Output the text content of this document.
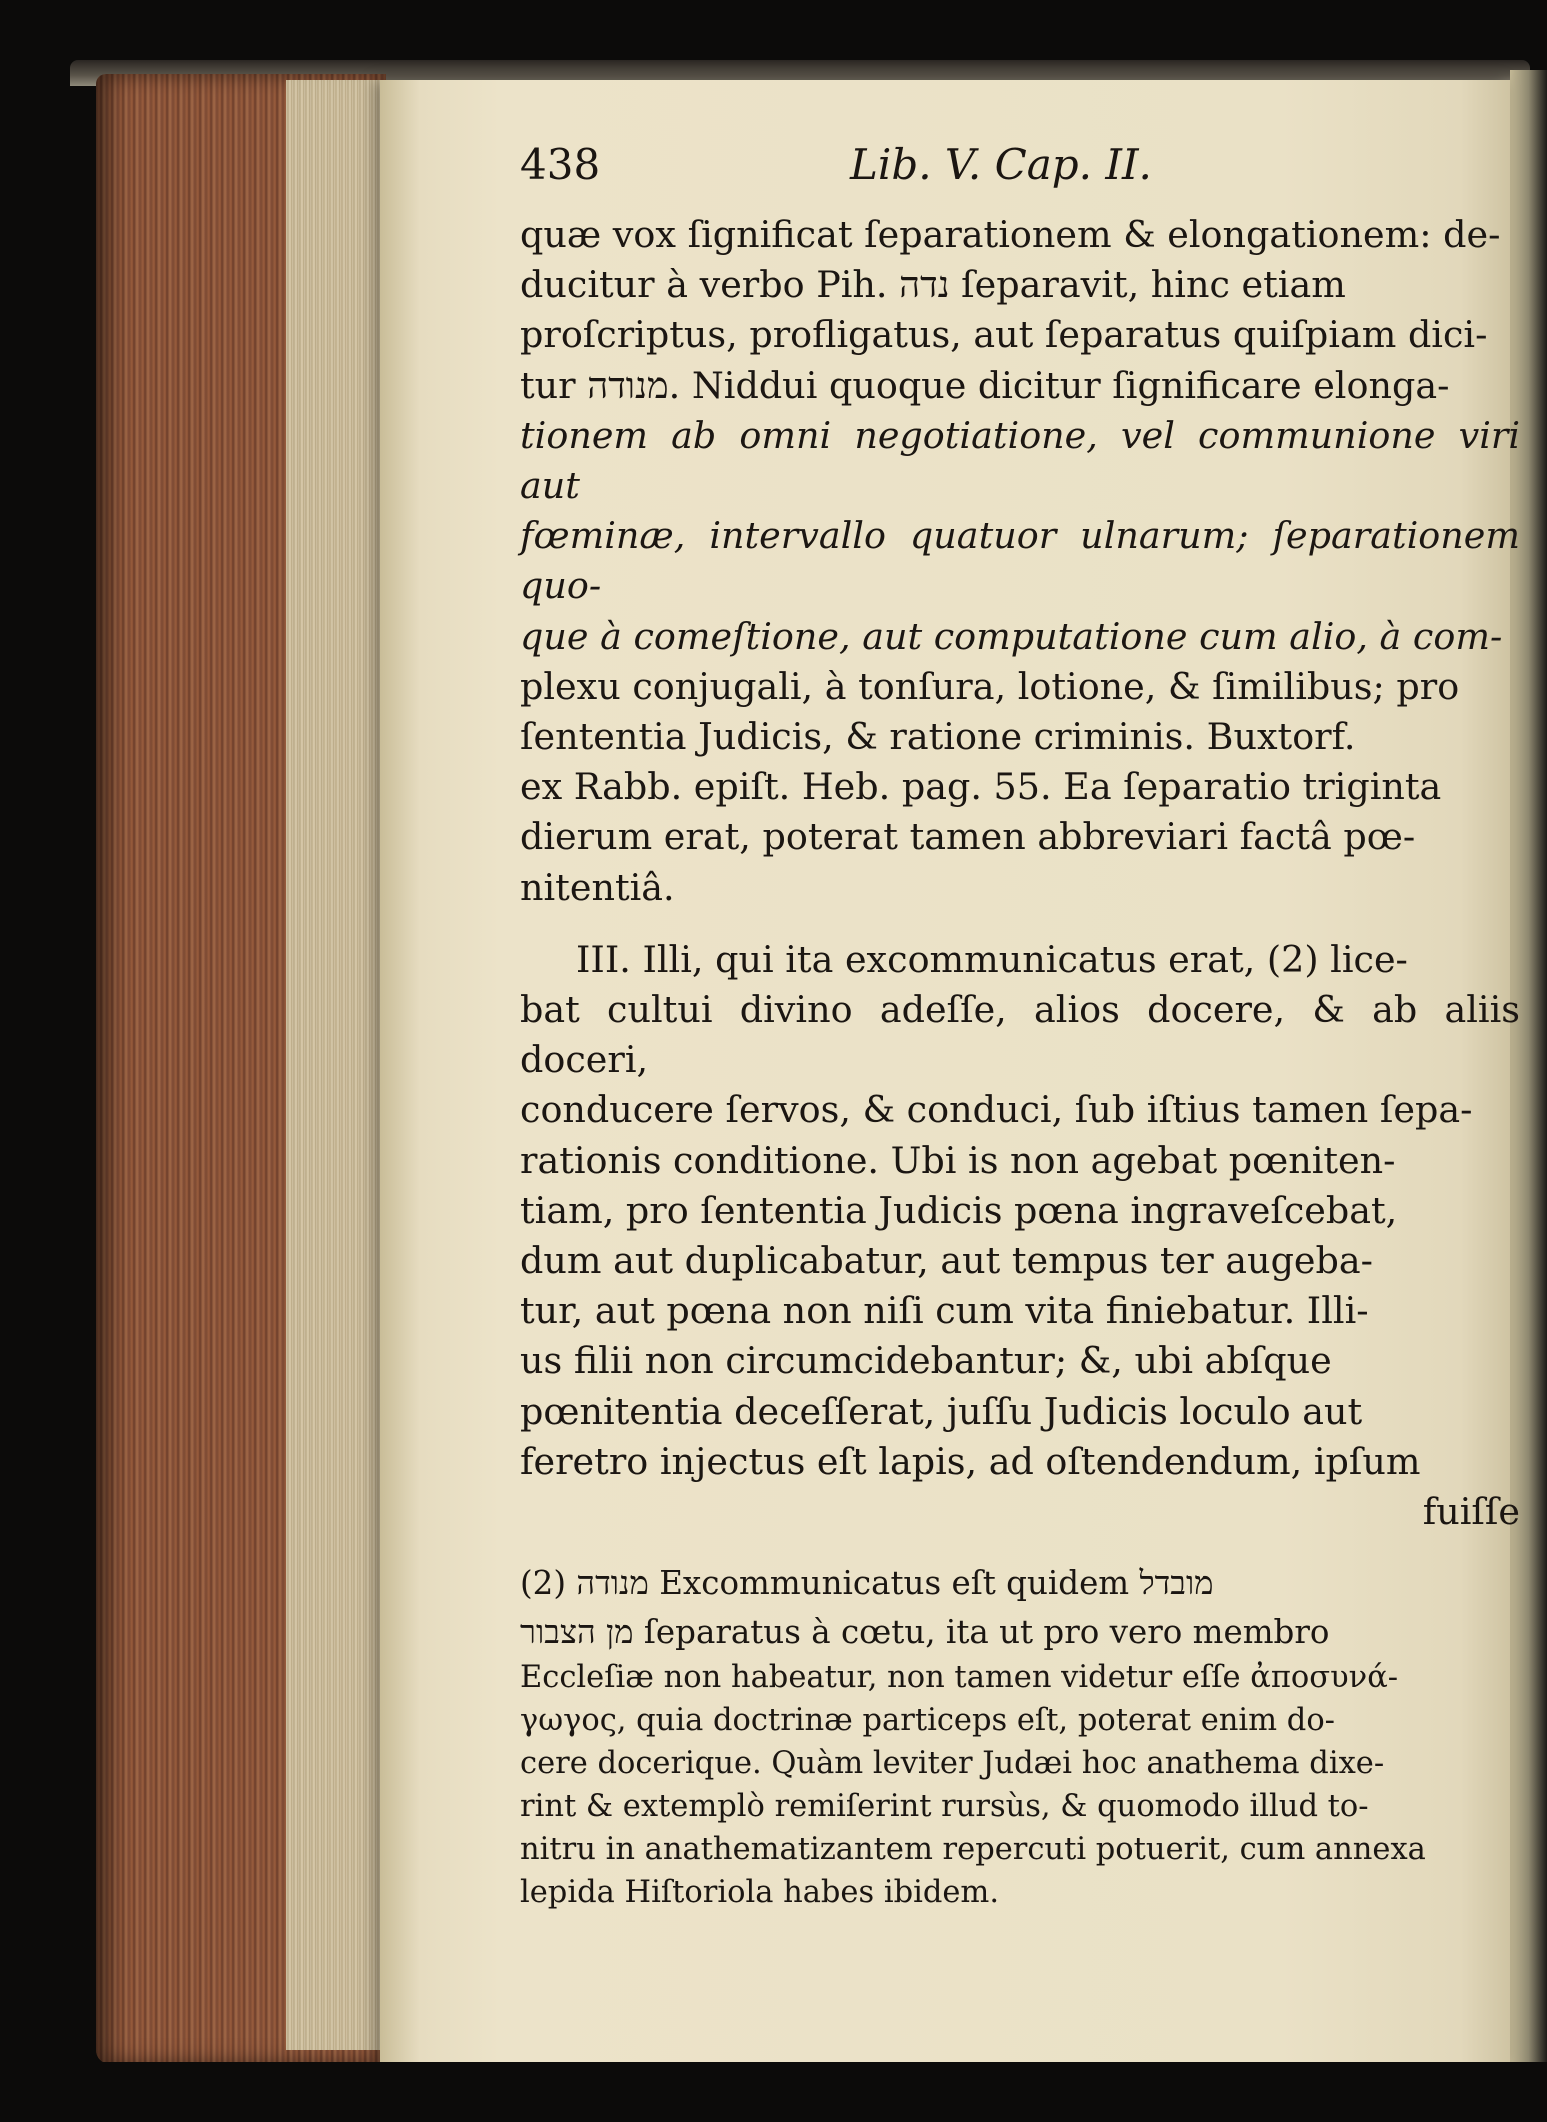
438	Lib. V. Cap. II.

quæ vox ſignificat ſeparationem & elongationem: de-

ducitur à verbo Pih. נדה ſeparavit, hinc etiam

proſcriptus, profligatus, aut ſeparatus quiſpiam dici-

tur מנודה. Niddui quoque dicitur ſignificare elonga-

tionem ab omni negotiatione, vel communione viri aut

fœminæ, intervallo quatuor ulnarum; ſeparationem quo-

que à comeſtione, aut computatione cum alio, à com-

plexu conjugali, à tonſura, lotione, & ſimilibus; pro

ſententia Judicis, & ratione criminis. Buxtorf.

ex Rabb. epiſt. Heb. pag. 55. Ea ſeparatio triginta

dierum erat, poterat tamen abbreviari factâ pœ-

nitentiâ.

III. Illi, qui ita excommunicatus erat, (2) lice-

bat cultui divino adeſſe, alios docere, & ab aliis doceri,

conducere ſervos, & conduci, ſub iſtius tamen ſepa-

rationis conditione. Ubi is non agebat pœniten-

tiam, pro ſententia Judicis pœna ingraveſcebat,

dum aut duplicabatur, aut tempus ter augeba-

tur, aut pœna non niſi cum vita finiebatur. Illi-

us filii non circumcidebantur; &, ubi abſque

pœnitentia deceſſerat, juſſu Judicis loculo aut

feretro injectus eſt lapis, ad oſtendendum, ipſum

fuiſſe

(2) מנודה Excommunicatus eſt quidem מובדל

מן הצבור ſeparatus à cœtu, ita ut pro vero membro

Eccleſiæ non habeatur, non tamen videtur eſſe ἀποσυνά-

γωγος, quia doctrinæ particeps eſt, poterat enim do-

cere docerique. Quàm leviter Judæi hoc anathema dixe-

rint & extemplò remiſerint rursùs, & quomodo illud to-

nitru in anathematizantem repercuti potuerit, cum annexa

lepida Hiſtoriola habes ibidem.
